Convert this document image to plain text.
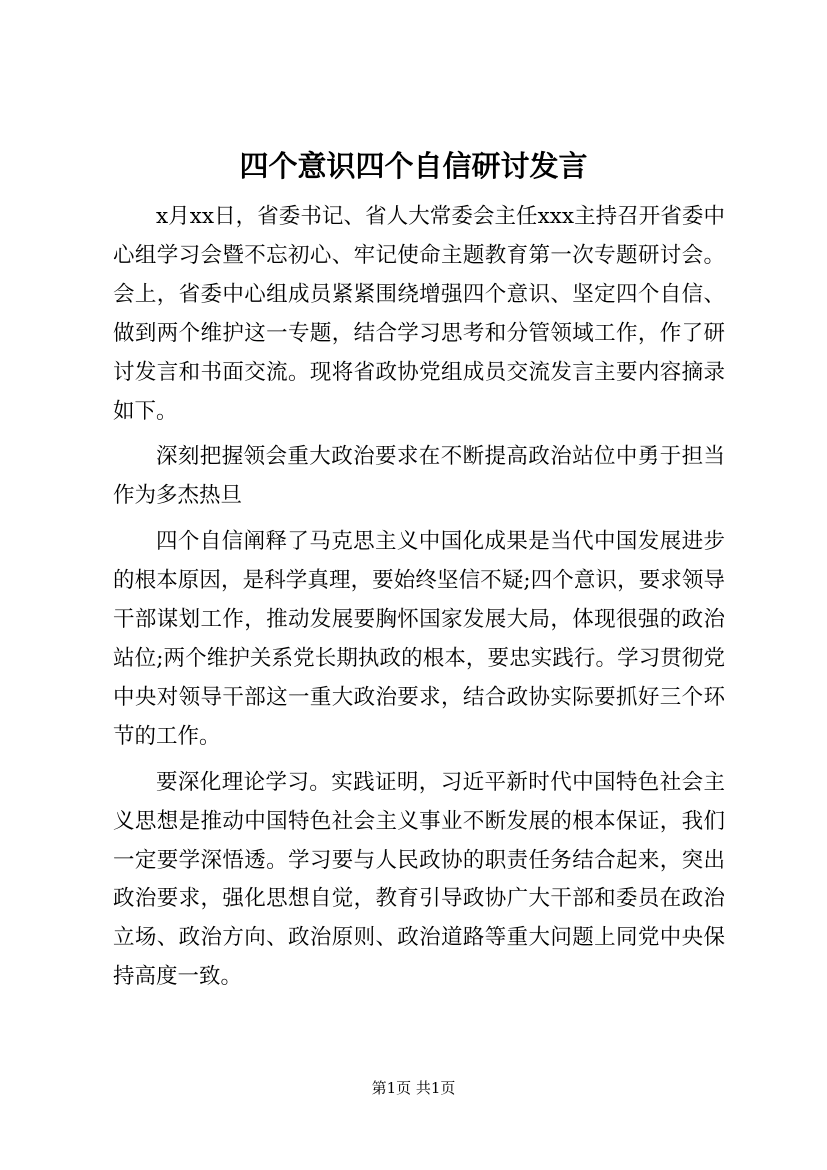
四个意识四个自信研讨发言

x月xx日，省委书记、省人大常委会主任xxx主持召开省委中心组学习会暨不忘初心、牢记使命主题教育第一次专题研讨会。会上，省委中心组成员紧紧围绕增强四个意识、坚定四个自信、做到两个维护这一专题，结合学习思考和分管领域工作，作了研讨发言和书面交流。现将省政协党组成员交流发言主要内容摘录如下。

深刻把握领会重大政治要求在不断提高政治站位中勇于担当作为多杰热旦

四个自信阐释了马克思主义中国化成果是当代中国发展进步的根本原因，是科学真理，要始终坚信不疑;四个意识，要求领导干部谋划工作，推动发展要胸怀国家发展大局，体现很强的政治站位;两个维护关系党长期执政的根本，要忠实践行。学习贯彻党中央对领导干部这一重大政治要求，结合政协实际要抓好三个环节的工作。

要深化理论学习。实践证明，习近平新时代中国特色社会主义思想是推动中国特色社会主义事业不断发展的根本保证，我们一定要学深悟透。学习要与人民政协的职责任务结合起来，突出政治要求，强化思想自觉，教育引导政协广大干部和委员在政治立场、政治方向、政治原则、政治道路等重大问题上同党中央保持高度一致。

第1页 共1页
